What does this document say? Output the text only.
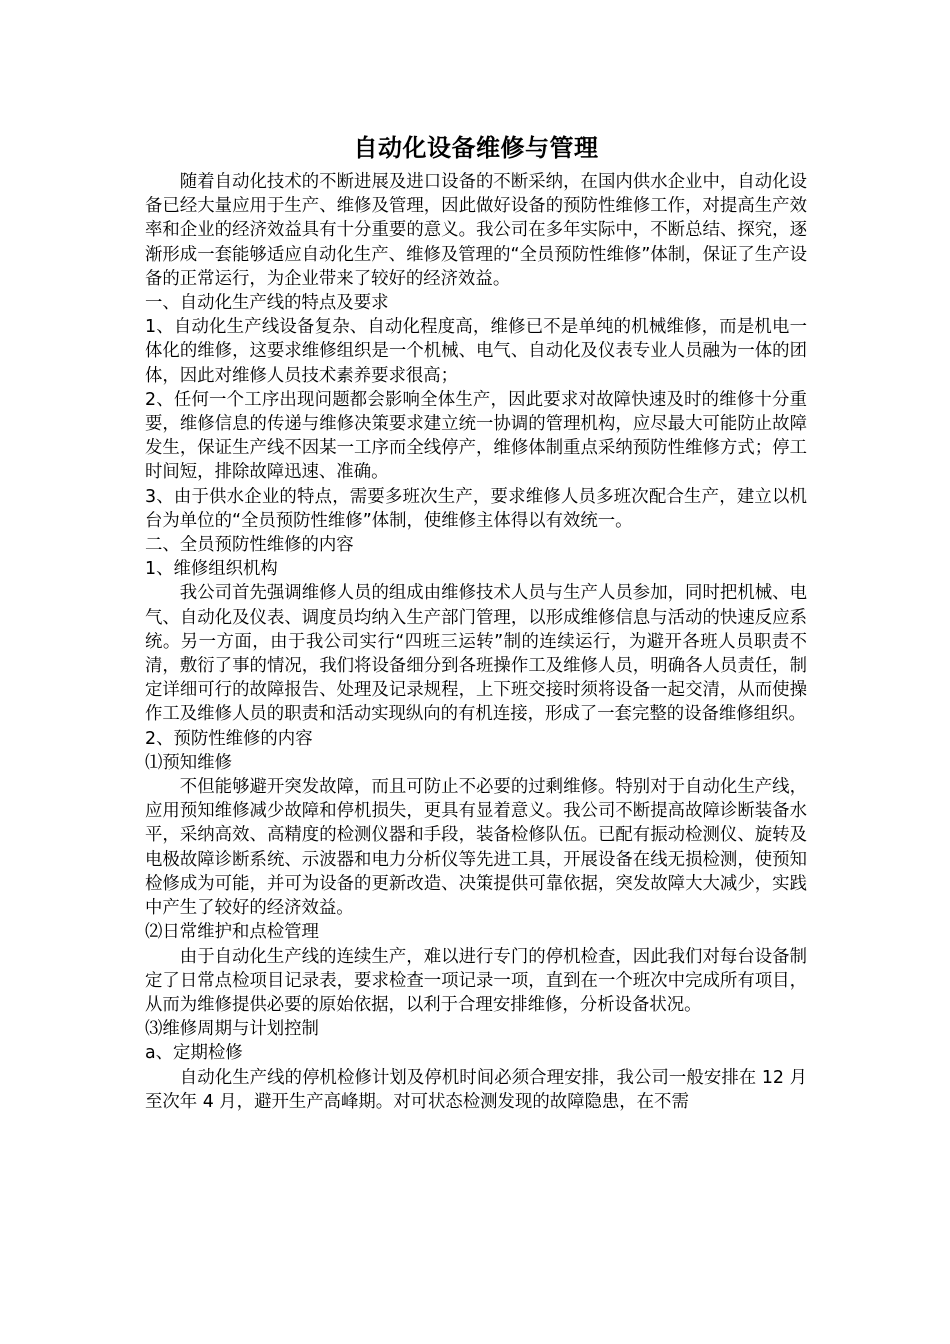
自动化设备维修与管理

随着自动化技术的不断进展及进口设备的不断采纳，在国内供水企业中，自动化设备已经大量应用于生产、维修及管理，因此做好设备的预防性维修工作，对提高生产效率和企业的经济效益具有十分重要的意义。我公司在多年实际中，不断总结、探究，逐渐形成一套能够适应自动化生产、维修及管理的“全员预防性维修”体制，保证了生产设备的正常运行，为企业带来了较好的经济效益。

一、自动化生产线的特点及要求

1、自动化生产线设备复杂、自动化程度高，维修已不是单纯的机械维修，而是机电一体化的维修，这要求维修组织是一个机械、电气、自动化及仪表专业人员融为一体的团体，因此对维修人员技术素养要求很高；

2、任何一个工序出现问题都会影响全体生产，因此要求对故障快速及时的维修十分重要，维修信息的传递与维修决策要求建立统一协调的管理机构，应尽最大可能防止故障发生，保证生产线不因某一工序而全线停产，维修体制重点采纳预防性维修方式；停工时间短，排除故障迅速、准确。

3、由于供水企业的特点，需要多班次生产，要求维修人员多班次配合生产，建立以机台为单位的“全员预防性维修”体制，使维修主体得以有效统一。

二、全员预防性维修的内容

1、维修组织机构

我公司首先强调维修人员的组成由维修技术人员与生产人员参加，同时把机械、电气、自动化及仪表、调度员均纳入生产部门管理，以形成维修信息与活动的快速反应系统。另一方面，由于我公司实行“四班三运转”制的连续运行，为避开各班人员职责不清，敷衍了事的情况，我们将设备细分到各班操作工及维修人员，明确各人员责任，制定详细可行的故障报告、处理及记录规程，上下班交接时须将设备一起交清，从而使操作工及维修人员的职责和活动实现纵向的有机连接，形成了一套完整的设备维修组织。

2、预防性维修的内容

⑴预知维修

不但能够避开突发故障，而且可防止不必要的过剩维修。特别对于自动化生产线，应用预知维修减少故障和停机损失，更具有显着意义。我公司不断提高故障诊断装备水平，采纳高效、高精度的检测仪器和手段，装备检修队伍。已配有振动检测仪、旋转及电极故障诊断系统、示波器和电力分析仪等先进工具，开展设备在线无损检测，使预知检修成为可能，并可为设备的更新改造、决策提供可靠依据，突发故障大大减少，实践中产生了较好的经济效益。

⑵日常维护和点检管理

由于自动化生产线的连续生产，难以进行专门的停机检查，因此我们对每台设备制定了日常点检项目记录表，要求检查一项记录一项，直到在一个班次中完成所有项目，从而为维修提供必要的原始依据，以利于合理安排维修，分析设备状况。

⑶维修周期与计划控制

a、定期检修

自动化生产线的停机检修计划及停机时间必须合理安排，我公司一般安排在 12 月至次年 4 月，避开生产高峰期。对可状态检测发现的故障隐患，在不需
